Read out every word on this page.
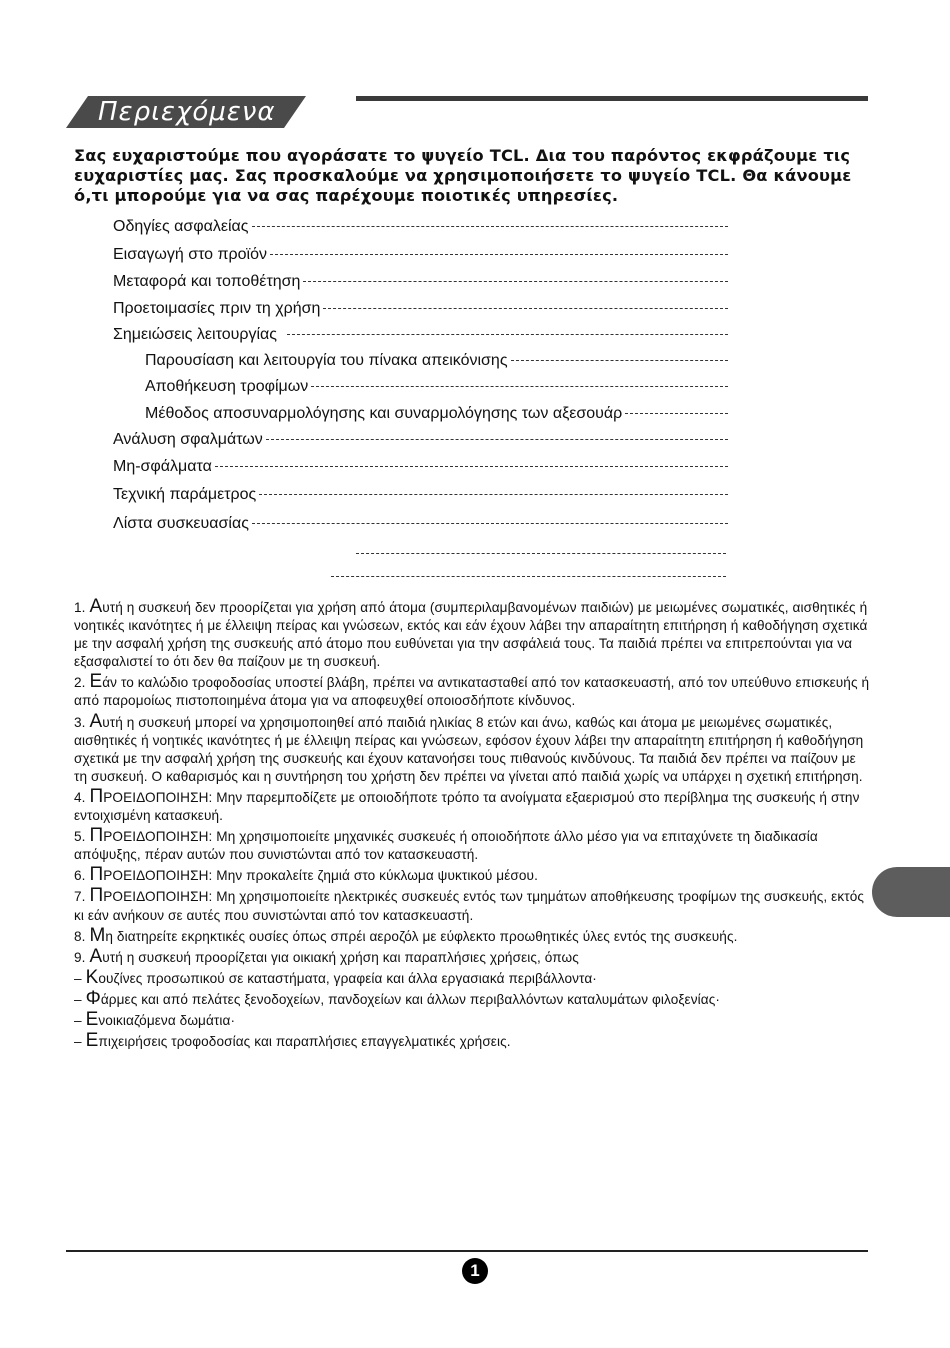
Περιεχόμενα
Σας ευχαριστούμε που αγοράσατε το ψυγείο TCL. Δια του παρόντος εκφράζουμε τις ευχαριστίες μας. Σας προσκαλούμε να χρησιμοποιήσετε το ψυγείο TCL. Θα κάνουμε ό,τι μπορούμε για να σας παρέχουμε ποιοτικές υπηρεσίες.
Οδηγίες ασφαλείας
Εισαγωγή στο προϊόν
Μεταφορά και τοποθέτηση
Προετοιμασίες πριν τη χρήση
Σημειώσεις λειτουργίας
Παρουσίαση και λειτουργία του πίνακα απεικόνισης
Αποθήκευση τροφίμων
Μέθοδος αποσυναρμολόγησης και συναρμολόγησης των αξεσουάρ
Ανάλυση σφαλμάτων
Μη-σφάλματα
Τεχνική παράμετρος
Λίστα συσκευασίας
1. Αυτή η συσκευή δεν προορίζεται για χρήση από άτομα (συμπεριλαμβανομένων παιδιών) με μειωμένες σωματικές, αισθητικές ή νοητικές ικανότητες ή με έλλειψη πείρας και γνώσεων, εκτός και εάν έχουν λάβει την απαραίτητη επιτήρηση ή καθοδήγηση σχετικά με την ασφαλή χρήση της συσκευής από άτομο που ευθύνεται για την ασφάλειά τους. Τα παιδιά πρέπει να επιτρεπούνται για να εξασφαλιστεί το ότι δεν θα παίζουν με τη συσκευή.
2. Εάν το καλώδιο τροφοδοσίας υποστεί βλάβη, πρέπει να αντικατασταθεί από τον κατασκευαστή, από τον υπεύθυνο επισκευής ή από παρομοίως πιστοποιημένα άτομα για να αποφευχθεί οποιοσδήποτε κίνδυνος.
3. Αυτή η συσκευή μπορεί να χρησιμοποιηθεί από παιδιά ηλικίας 8 ετών και άνω, καθώς και άτομα με μειωμένες σωματικές, αισθητικές ή νοητικές ικανότητες ή με έλλειψη πείρας και γνώσεων, εφόσον έχουν λάβει την απαραίτητη επιτήρηση ή καθοδήγηση σχετικά με την ασφαλή χρήση της συσκευής και έχουν κατανοήσει τους πιθανούς κινδύνους. Τα παιδιά δεν πρέπει να παίζουν με τη συσκευή. Ο καθαρισμός και η συντήρηση του χρήστη δεν πρέπει να γίνεται από παιδιά χωρίς να υπάρχει η σχετική επιτήρηση.
4. ΠΡΟΕΙΔΟΠΟΙΗΣΗ: Μην παρεμποδίζετε με οποιοδήποτε τρόπο τα ανοίγματα εξαερισμού στο περίβλημα της συσκευής ή στην εντοιχισμένη κατασκευή.
5. ΠΡΟΕΙΔΟΠΟΙΗΣΗ: Μη χρησιμοποιείτε μηχανικές συσκευές ή οποιοδήποτε άλλο μέσο για να επιταχύνετε τη διαδικασία απόψυξης, πέραν αυτών που συνιστώνται από τον κατασκευαστή.
6. ΠΡΟΕΙΔΟΠΟΙΗΣΗ: Μην προκαλείτε ζημιά στο κύκλωμα ψυκτικού μέσου.
7. ΠΡΟΕΙΔΟΠΟΙΗΣΗ: Μη χρησιμοποιείτε ηλεκτρικές συσκευές εντός των τμημάτων αποθήκευσης τροφίμων της συσκευής, εκτός κι εάν ανήκουν σε αυτές που συνιστώνται από τον κατασκευαστή.
8. Μη διατηρείτε εκρηκτικές ουσίες όπως σπρέι αεροζόλ με εύφλεκτο προωθητικές ύλες εντός της συσκευής.
9. Αυτή η συσκευή προορίζεται για οικιακή χρήση και παραπλήσιες χρήσεις, όπως
– Κουζίνες προσωπικού σε καταστήματα, γραφεία και άλλα εργασιακά περιβάλλοντα·
– Φάρμες και από πελάτες ξενοδοχείων, πανδοχείων και άλλων περιβαλλόντων καταλυμάτων φιλοξενίας·
– Ενοικιαζόμενα δωμάτια·
– Επιχειρήσεις τροφοδοσίας και παραπλήσιες επαγγελματικές χρήσεις.
1
